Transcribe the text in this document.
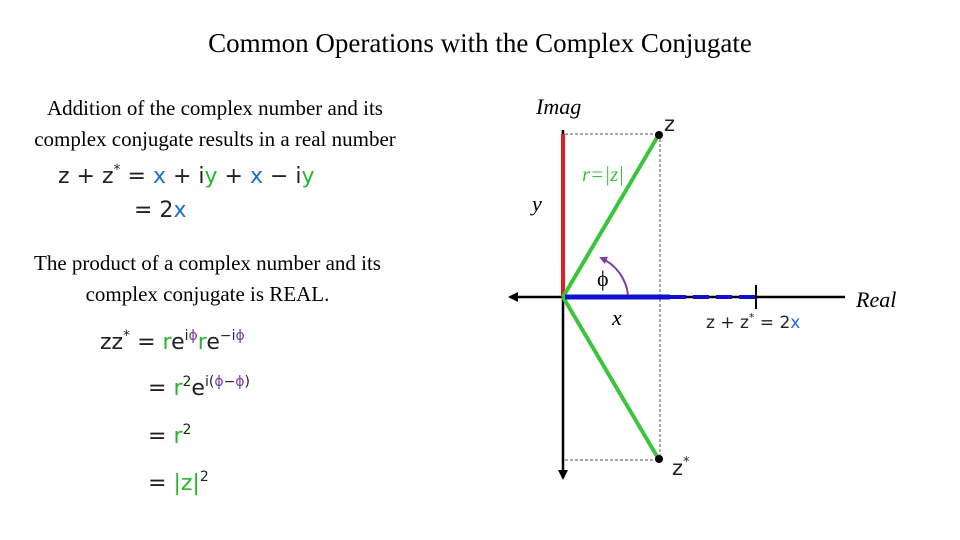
Common Operations with the Complex Conjugate
Addition of the complex number and its
complex conjugate results in a real number
z + z* = x + iy + x − iy
= 2x
The product of a complex number and its
complex conjugate is REAL.
$zz^* = re^{i\phi}re^{-i\phi}$
= $r^2e^{i(\phi-\phi)}$
= $r^2$
= $|z|^2$
Imag
Real
z
z*
r=|z|
y
ϕ
x	z + z* = 2x
